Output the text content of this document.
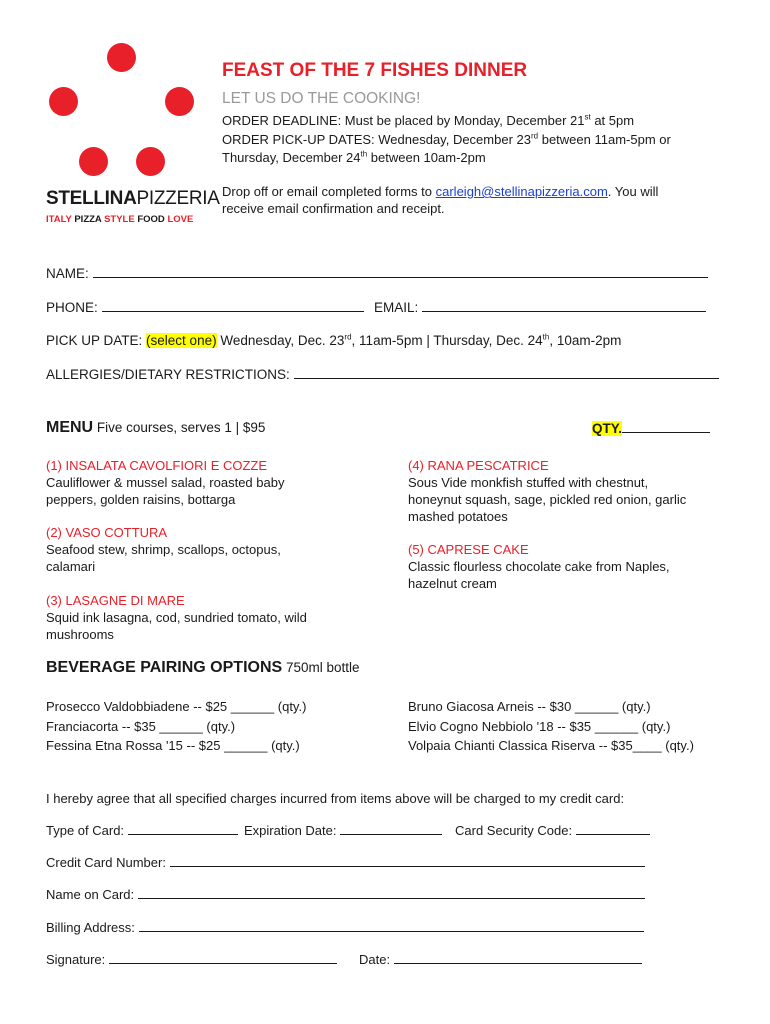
STELLINAPIZZERIA
ITALY PIZZA STYLE FOOD LOVE
FEAST OF THE 7 FISHES DINNER
LET US DO THE COOKING!
ORDER DEADLINE: Must be placed by Monday, December 21st at 5pm
ORDER PICK-UP DATES: Wednesday, December 23rd between 11am-5pm or
Thursday, December 24th between 10am-2pm
Drop off or email completed forms to carleigh@stellinapizzeria.com. You will
receive email confirmation and receipt.
NAME:
PHONE:	EMAIL:
PICK UP DATE: (select one) Wednesday, Dec. 23rd, 11am-5pm | Thursday, Dec. 24th, 10am-2pm
ALLERGIES/DIETARY RESTRICTIONS:
MENU Five courses, serves 1 | $95	QTY.
(1) INSALATA CAVOLFIORI E COZZE
Cauliflower & mussel salad, roasted baby
peppers, golden raisins, bottarga
(2) VASO COTTURA
Seafood stew, shrimp, scallops, octopus,
calamari
(3) LASAGNE DI MARE
Squid ink lasagna, cod, sundried tomato, wild
mushrooms
(4) RANA PESCATRICE
Sous Vide monkfish stuffed with chestnut,
honeynut squash, sage, pickled red onion, garlic
mashed potatoes
(5) CAPRESE CAKE
Classic flourless chocolate cake from Naples,
hazelnut cream
BEVERAGE PAIRING OPTIONS 750ml bottle
Prosecco Valdobbiadene -- $25 ______ (qty.)
Franciacorta -- $35 ______ (qty.)
Fessina Etna Rossa '15 -- $25 ______ (qty.)
Bruno Giacosa Arneis -- $30 ______ (qty.)
Elvio Cogno Nebbiolo '18 -- $35 ______ (qty.)
Volpaia Chianti Classica Riserva -- $35____ (qty.)
I hereby agree that all specified charges incurred from items above will be charged to my credit card:
Type of Card:	Expiration Date:	Card Security Code:
Credit Card Number:
Name on Card:
Billing Address:
Signature:	Date:
